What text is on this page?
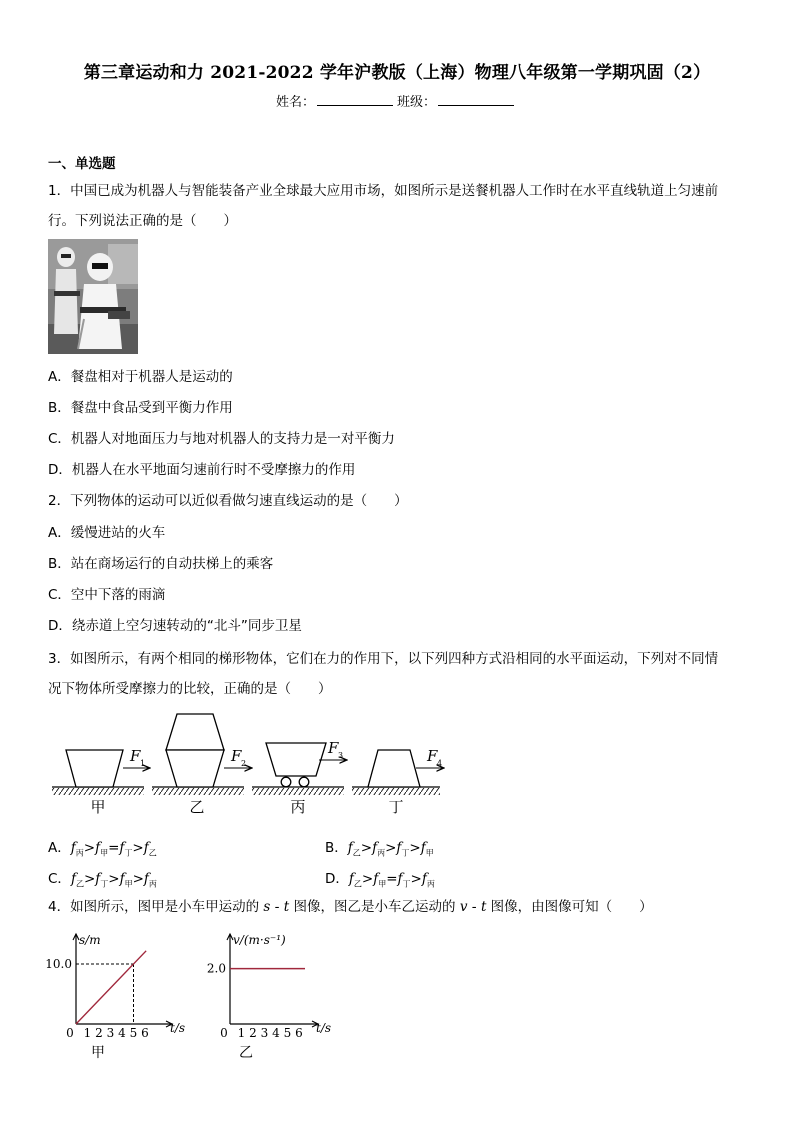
第三章运动和力 2021-2022 学年沪教版（上海）物理八年级第一学期巩固（2）
姓名：	班级：
一、单选题
1．中国已成为机器人与智能装备产业全球最大应用市场，如图所示是送餐机器人工作时在水平直线轨道上匀速前
行。下列说法正确的是（　　）
A．餐盘相对于机器人是运动的
B．餐盘中食品受到平衡力作用
C．机器人对地面压力与地对机器人的支持力是一对平衡力
D．机器人在水平地面匀速前行时不受摩擦力的作用
2．下列物体的运动可以近似看做匀速直线运动的是（　　）
A．缓慢进站的火车
B．站在商场运行的自动扶梯上的乘客
C．空中下落的雨滴
D．绕赤道上空匀速转动的“北斗”同步卫星
3．如图所示，有两个相同的梯形物体，它们在力的作用下，以下列四种方式沿相同的水平面运动，下列对不同情
况下物体所受摩擦力的比较，正确的是（　　）
F 1
甲
F 2
乙
F 3
丙
F 4
丁
A．$f_丙>f_甲=f_丁>f_乙$	B．$f_乙>f_丙>f_丁>f_甲$
C．$f_乙>f_丁>f_甲>f_丙$	D．$f_乙>f_甲=f_丁>f_丙$
4．如图所示，图甲是小车甲运动的 s - t 图像，图乙是小车乙运动的 v - t 图像，由图像可知（　　）
s/m
t/s
0 1 2 3 4 5 6
10.0
甲
v/(m·s⁻¹)
t/s
0 1 2 3 4 5 6
2.0
乙
